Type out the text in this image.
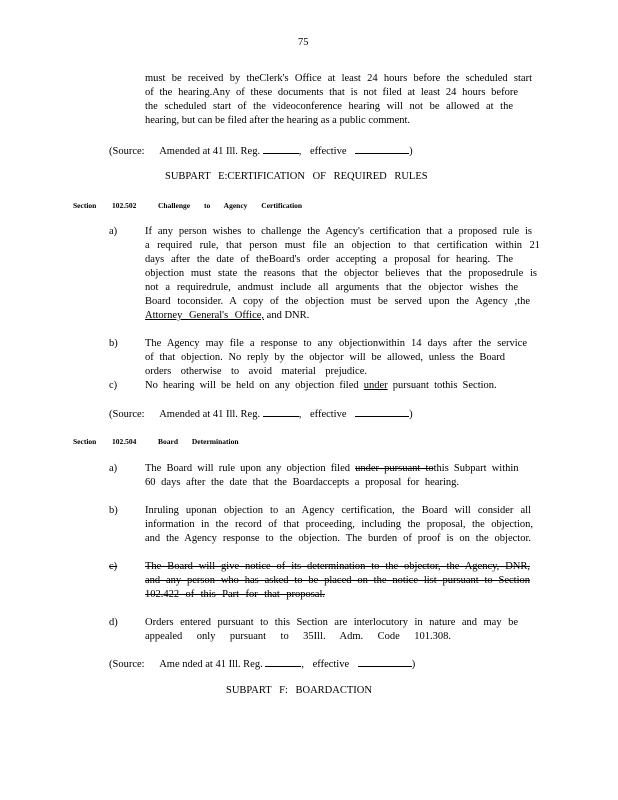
75
must be received by theClerk's Office at least 24 hours before the scheduled start
of the hearing.Any of these documents that is not filed at least 24 hours before
the scheduled start of the videoconference hearing will not be allowed at the
hearing, but can be filed after the hearing as a public comment.
(Source: Amended at 41 Ill. Reg.	, effective	)
SUBPART E:CERTIFICATION OF REQUIRED RULES
Section 102.502	Challenge to Agency Certification
a)	If any person wishes to challenge the Agency's certification that a proposed rule is
a required rule, that person must file an objection to that certification within 21
days after the date of theBoard's order accepting a proposal for hearing. The
objection must state the reasons that the objector believes that the proposedrule is
not a requiredrule, andmust include all arguments that the objector wishes the
Board toconsider. A copy of the objection must be served upon the Agency ,the
Attorney General's Office, and DNR.
b)	The Agency may file a response to any objectionwithin 14 days after the service
of that objection. No reply by the objector will be allowed, unless the Board
orders otherwise to avoid material prejudice.
c)	No hearing will be held on any objection filed under pursuant tothis Section.
(Source: Amended at 41 Ill. Reg.	, effective	)
Section 102.504	Board Determination
a)	The Board will rule upon any objection filed under pursuant tothis Subpart within
60 days after the date that the Boardaccepts a proposal for hearing.
b)	Inruling uponan objection to an Agency certification, the Board will consider all
information in the record of that proceeding, including the proposal, the objection,
and the Agency response to the objection. The burden of proof is on the objector.
c)	The Board will give notice of its determination to the objector, the Agency, DNR,
and any person who has asked to be placed on the notice list pursuant to Section
102.422 of this Part for that proposal.
d)	Orders entered pursuant to this Section are interlocutory in nature and may be
appealed only pursuant to 35Ill. Adm. Code 101.308.
(Source: Ame nded at 41 Ill. Reg.	, effective	)
SUBPART F: BOARDACTION
